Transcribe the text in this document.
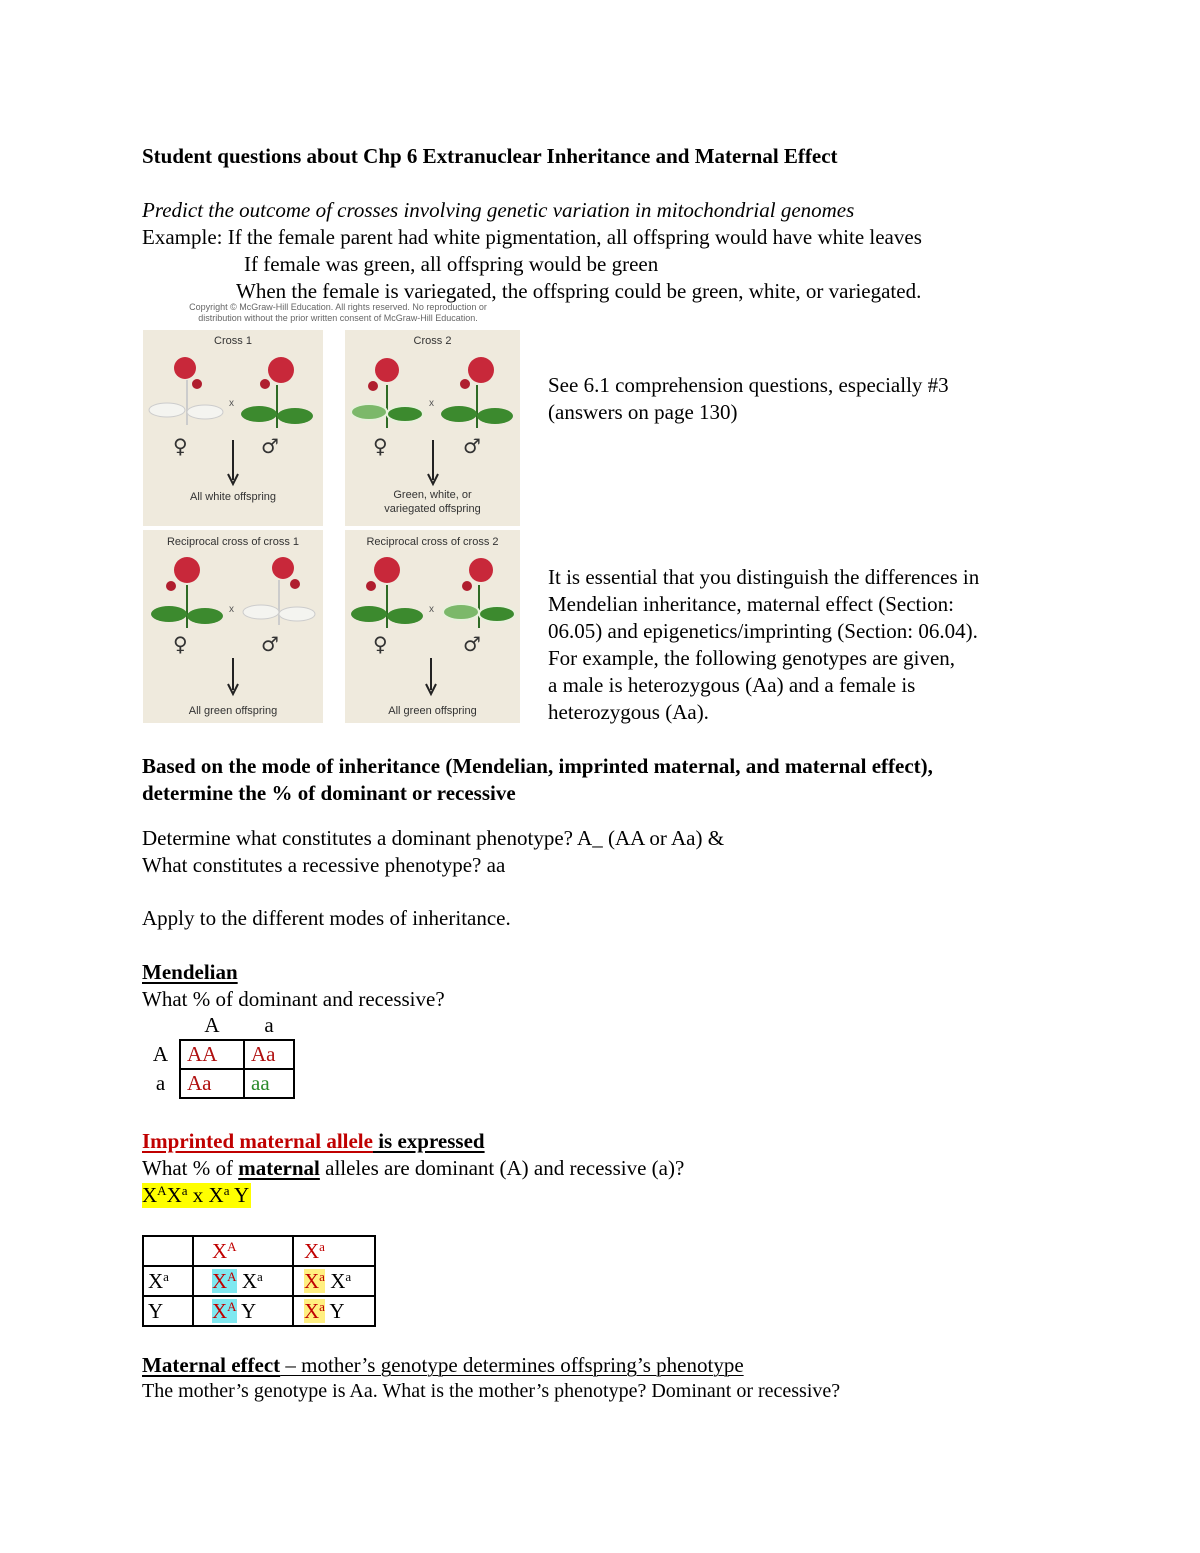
Student questions about Chp 6 Extranuclear Inheritance and Maternal Effect
Predict the outcome of crosses involving genetic variation in mitochondrial genomes
Example: If the female parent had white pigmentation, all offspring would have white leaves
If female was green, all offspring would be green
When the female is variegated, the offspring could be green, white, or variegated.
Copyright © McGraw-Hill Education. All rights reserved. No reproduction or distribution without the prior written consent of McGraw-Hill Education.
Cross 1
x
♀	♂
All white offspring
Cross 2
x
♀	♂
Green, white, or variegated offspring
Reciprocal cross of cross 1
x
♀	♂
All green offspring
Reciprocal cross of cross 2
x
♀	♂
All green offspring
See 6.1 comprehension questions, especially #3
(answers on page 130)
It is essential that you distinguish the differences in
Mendelian inheritance, maternal effect (Section:
06.05) and epigenetics/imprinting (Section: 06.04).
For example, the following genotypes are given,
a male is heterozygous (Aa) and a female is
heterozygous (Aa).
Based on the mode of inheritance (Mendelian, imprinted maternal, and maternal effect),
determine the % of dominant or recessive
Determine what constitutes a dominant phenotype? A_ (AA or Aa) &
What constitutes a recessive phenotype? aa
Apply to the different modes of inheritance.
Mendelian
What % of dominant and recessive?
	A	a
A	AA	Aa
a	Aa	aa
Imprinted maternal allele is expressed
What % of maternal alleles are dominant (A) and recessive (a)?
$X^AX^a$ x $X^a$ Y
	$X^A$	$X^a$
$X^a$	$X^A$ $X^a$	$X^a$ $X^a$
Y	$X^A$ Y	$X^a$ Y
Maternal effect – mother’s genotype determines offspring’s phenotype
The mother’s genotype is Aa. What is the mother’s phenotype? Dominant or recessive?
